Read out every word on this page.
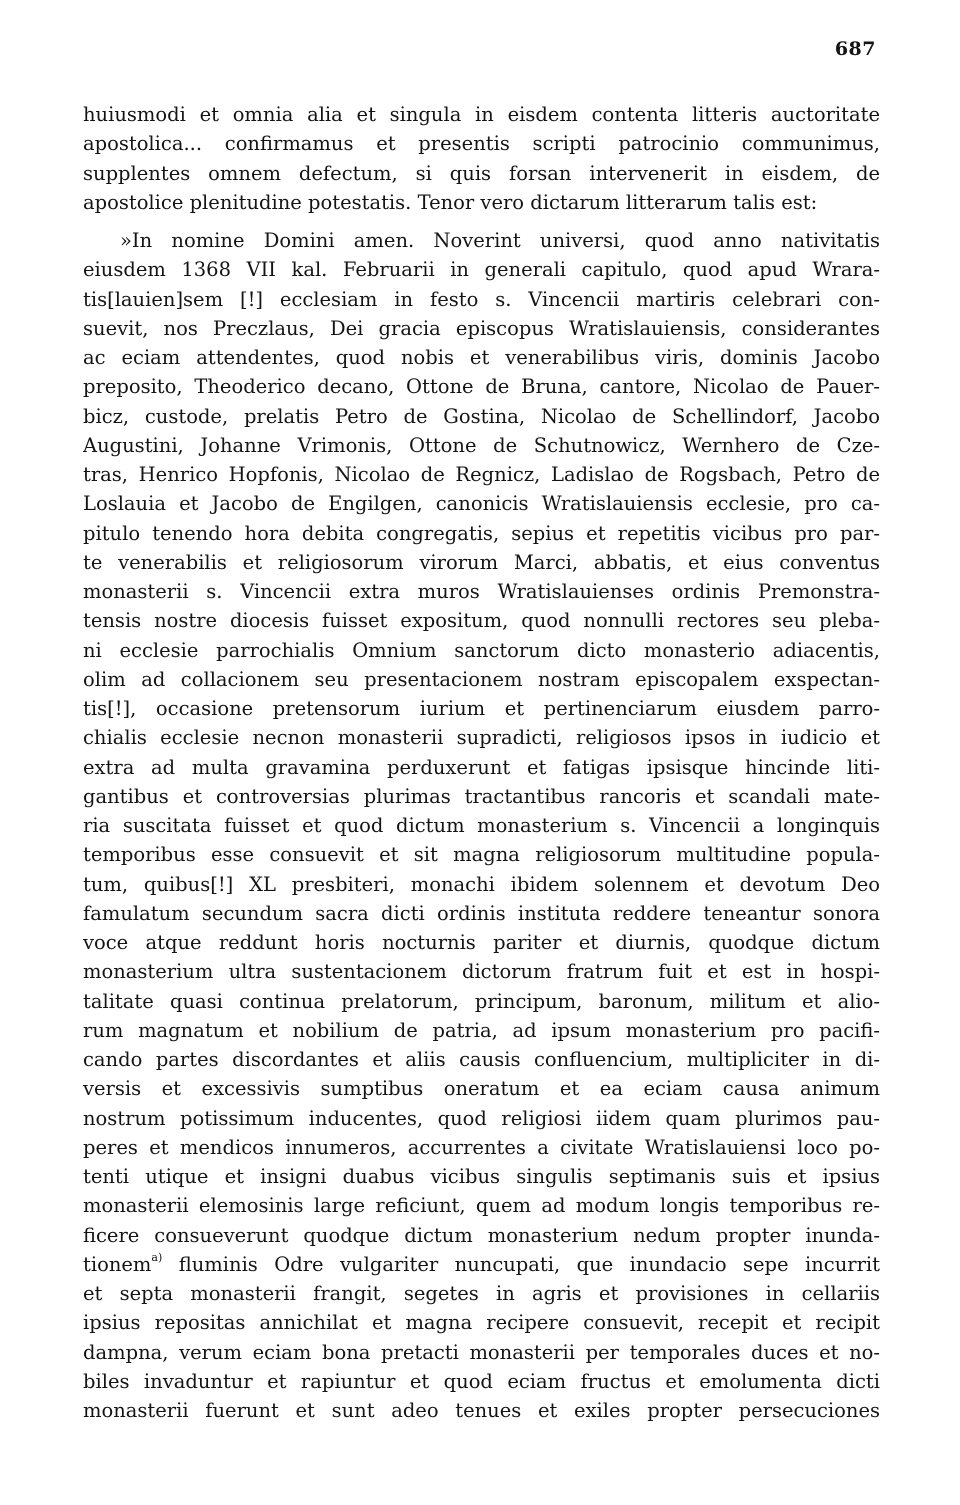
687
huiusmodi et omnia alia et singula in eisdem contenta litteris auctoritate
apostolica... confirmamus et presentis scripti patrocinio communimus,
supplentes omnem defectum, si quis forsan intervenerit in eisdem, de
apostolice plenitudine potestatis. Tenor vero dictarum litterarum talis est:
»In nomine Domini amen. Noverint universi, quod anno nativitatis
eiusdem 1368 VII kal. Februarii in generali capitulo, quod apud Wrara-
tis[lauien]sem [!] ecclesiam in festo s. Vincencii martiris celebrari con-
suevit, nos Preczlaus, Dei gracia episcopus Wratislauiensis, considerantes
ac eciam attendentes, quod nobis et venerabilibus viris, dominis Jacobo
preposito, Theoderico decano, Ottone de Bruna, cantore, Nicolao de Pauer-
bicz, custode, prelatis Petro de Gostina, Nicolao de Schellindorf, Jacobo
Augustini, Johanne Vrimonis, Ottone de Schutnowicz, Wernhero de Cze-
tras, Henrico Hopfonis, Nicolao de Regnicz, Ladislao de Rogsbach, Petro de
Loslauia et Jacobo de Engilgen, canonicis Wratislauiensis ecclesie, pro ca-
pitulo tenendo hora debita congregatis, sepius et repetitis vicibus pro par-
te venerabilis et religiosorum virorum Marci, abbatis, et eius conventus
monasterii s. Vincencii extra muros Wratislauienses ordinis Premonstra-
tensis nostre diocesis fuisset expositum, quod nonnulli rectores seu pleba-
ni ecclesie parrochialis Omnium sanctorum dicto monasterio adiacentis,
olim ad collacionem seu presentacionem nostram episcopalem exspectan-
tis[!], occasione pretensorum iurium et pertinenciarum eiusdem parro-
chialis ecclesie necnon monasterii supradicti, religiosos ipsos in iudicio et
extra ad multa gravamina perduxerunt et fatigas ipsisque hincinde liti-
gantibus et controversias plurimas tractantibus rancoris et scandali mate-
ria suscitata fuisset et quod dictum monasterium s. Vincencii a longinquis
temporibus esse consuevit et sit magna religiosorum multitudine popula-
tum, quibus[!] XL presbiteri, monachi ibidem solennem et devotum Deo
famulatum secundum sacra dicti ordinis instituta reddere teneantur sonora
voce atque reddunt horis nocturnis pariter et diurnis, quodque dictum
monasterium ultra sustentacionem dictorum fratrum fuit et est in hospi-
talitate quasi continua prelatorum, principum, baronum, militum et alio-
rum magnatum et nobilium de patria, ad ipsum monasterium pro pacifi-
cando partes discordantes et aliis causis confluencium, multipliciter in di-
versis et excessivis sumptibus oneratum et ea eciam causa animum
nostrum potissimum inducentes, quod religiosi iidem quam plurimos pau-
peres et mendicos innumeros, accurrentes a civitate Wratislauiensi loco po-
tenti utique et insigni duabus vicibus singulis septimanis suis et ipsius
monasterii elemosinis large reficiunt, quem ad modum longis temporibus re-
ficere consueverunt quodque dictum monasterium nedum propter inunda-
tionem$^{a)}$ fluminis Odre vulgariter nuncupati, que inundacio sepe incurrit
et septa monasterii frangit, segetes in agris et provisiones in cellariis
ipsius repositas annichilat et magna recipere consuevit, recepit et recipit
dampna, verum eciam bona pretacti monasterii per temporales duces et no-
biles invaduntur et rapiuntur et quod eciam fructus et emolumenta dicti
monasterii fuerunt et sunt adeo tenues et exiles propter persecuciones
